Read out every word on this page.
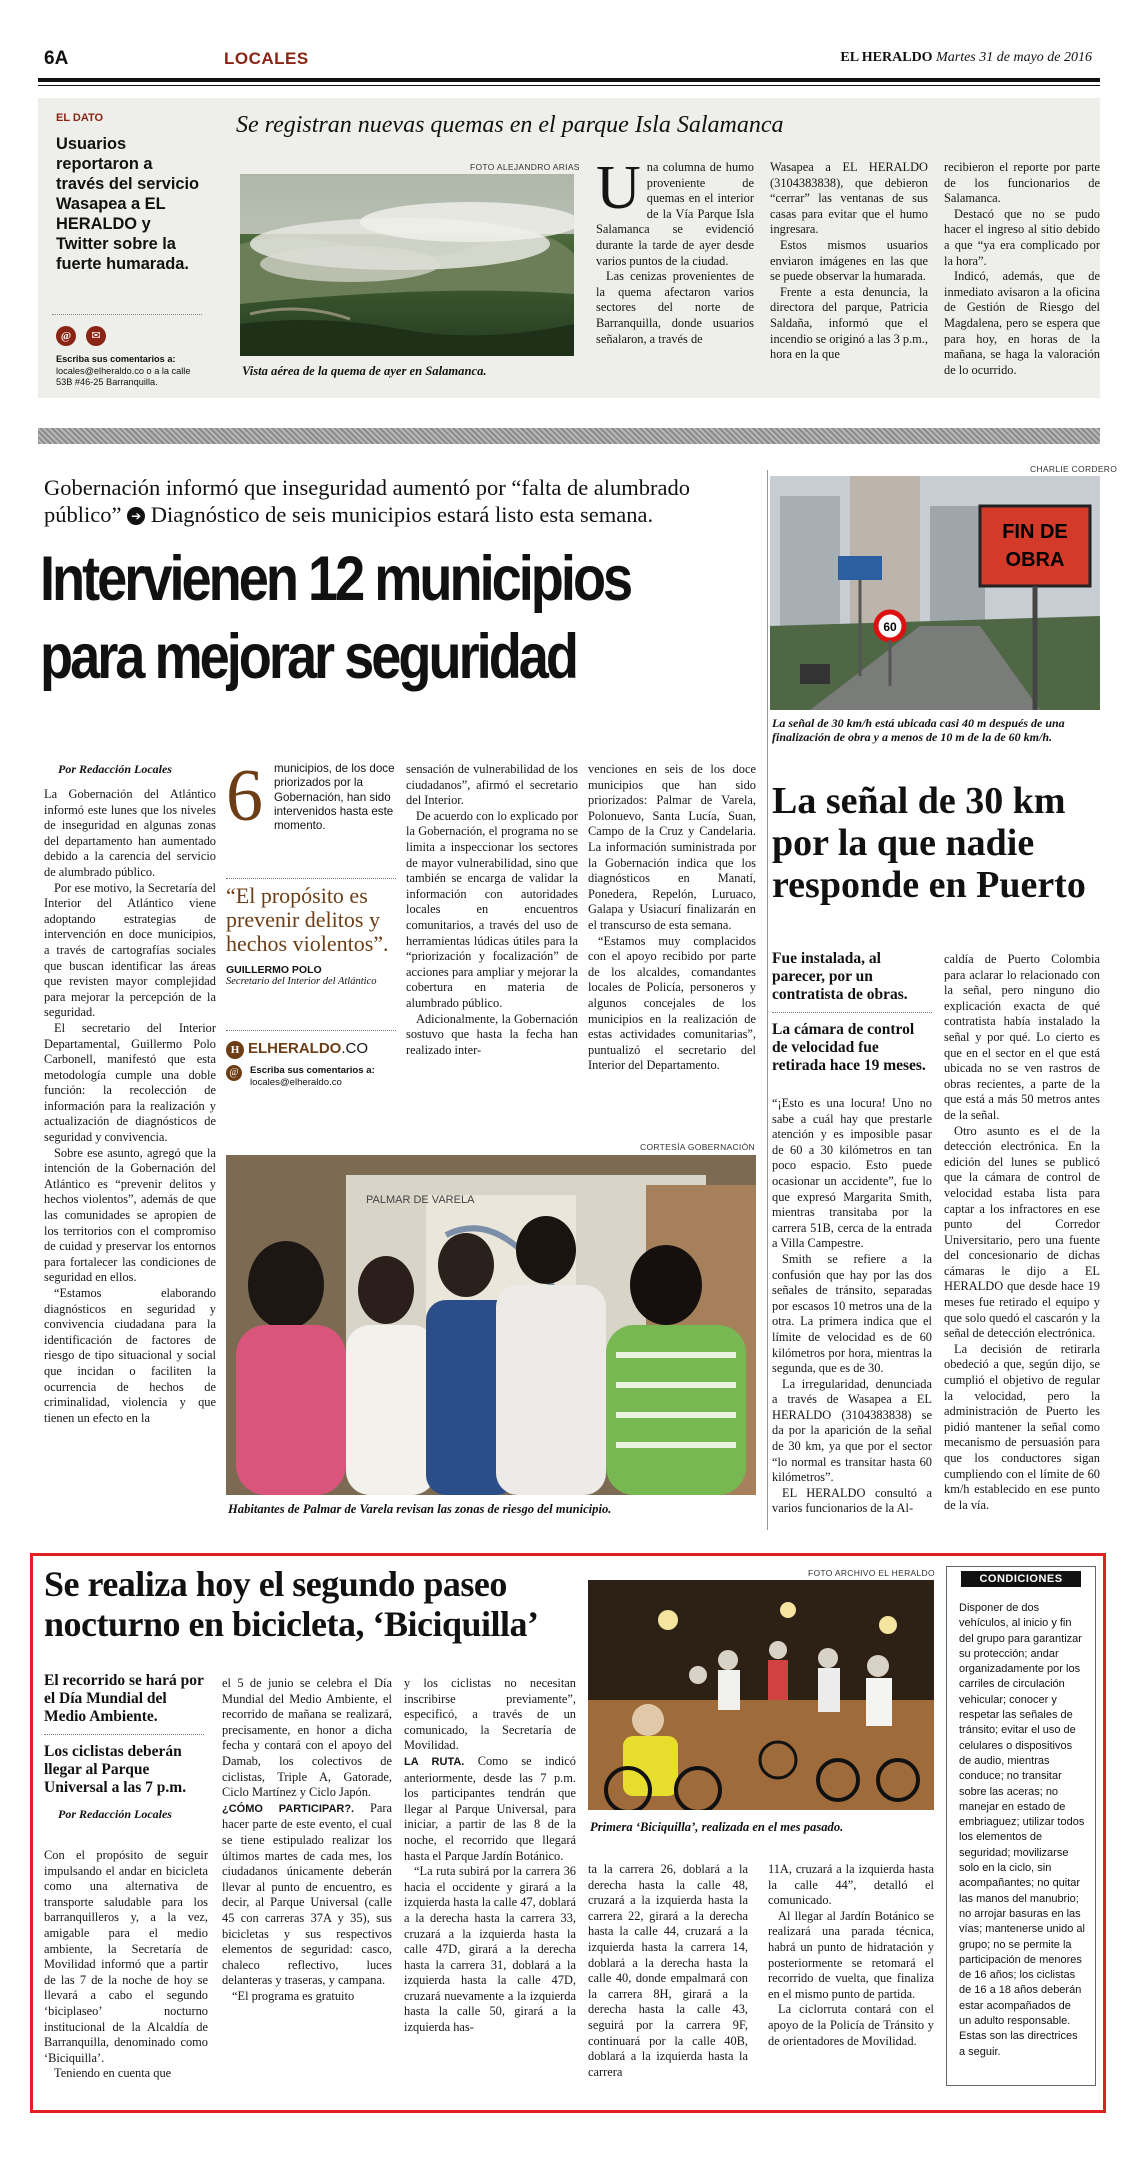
6A	LOCALES	EL HERALDO Martes 31 de mayo de 2016
EL DATO
Usuarios reportaron a través del servicio Wasapea a EL HERALDO y Twitter sobre la fuerte humarada.
@ ✉
Escriba sus comentarios a:
locales@elheraldo.co o a la calle 53B #46-25 Barranquilla.
Se registran nuevas quemas en el parque Isla Salamanca
FOTO ALEJANDRO ARIAS
Vista aérea de la quema de ayer en Salamanca.
U na columna de humo proveniente de quemas en el interior de la Vía Parque Isla Salamanca se evidenció durante la tarde de ayer desde varios puntos de la ciudad.

Las cenizas provenientes de la quema afectaron varios sectores del norte de Barranquilla, donde usuarios señalaron, a través de

Wasapea a EL HERALDO (3104383838), que debieron “cerrar” las ventanas de sus casas para evitar que el humo ingresara.

Estos mismos usuarios enviaron imágenes en las que se puede observar la humarada.

Frente a esta denuncia, la directora del parque, Patricia Saldaña, informó que el incendio se originó a las 3 p.m., hora en la que

recibieron el reporte por parte de los funcionarios de Salamanca.

Destacó que no se pudo hacer el ingreso al sitio debido a que “ya era complicado por la hora”.

Indicó, además, que de inmediato avisaron a la oficina de Gestión de Riesgo del Magdalena, pero se espera que para hoy, en horas de la mañana, se haga la valoración de lo ocurrido.

Gobernación informó que inseguridad aumentó por “falta de alumbrado público” ➔ Diagnóstico de seis municipios estará listo esta semana.
Intervienen 12 municipios
para mejorar seguridad
Por Redacción Locales

La Gobernación del Atlántico informó este lunes que los niveles de inseguridad en algunas zonas del departamento han aumentado debido a la carencia del servicio de alumbrado público.

Por ese motivo, la Secretaría del Interior del Atlántico viene adoptando estrategias de intervención en doce municipios, a través de cartografías sociales que buscan identificar las áreas que revisten mayor complejidad para mejorar la percepción de la seguridad.

El secretario del Interior Departamental, Guillermo Polo Carbonell, manifestó que esta metodología cumple una doble función: la recolección de información para la realización y actualización de diagnósticos de seguridad y convivencia.

Sobre ese asunto, agregó que la intención de la Gobernación del Atlántico es “prevenir delitos y hechos violentos”, además de que las comunidades se apropien de los territorios con el compromiso de cuidad y preservar los entornos para fortalecer las condiciones de seguridad en ellos.

“Estamos elaborando diagnósticos en seguridad y convivencia ciudadana para la identificación de factores de riesgo de tipo situacional y social que incidan o faciliten la ocurrencia de hechos de criminalidad, violencia y que tienen un efecto en la

6 municipios, de los doce priorizados por la Gobernación, han sido intervenidos hasta este momento.
“El propósito es prevenir delitos y hechos violentos”.
GUILLERMO POLO
Secretario del Interior del Atlántico
H ELHERALDO.CO
@ Escriba sus comentarios a:
locales@elheraldo.co

sensación de vulnerabilidad de los ciudadanos”, afirmó el secretario del Interior.

De acuerdo con lo explicado por la Gobernación, el programa no se limita a inspeccionar los sectores de mayor vulnerabilidad, sino que también se encarga de validar la información con autoridades locales en encuentros comunitarios, a través del uso de herramientas lúdicas útiles para la “priorización y focalización” de acciones para ampliar y mejorar la cobertura en materia de alumbrado público.

Adicionalmente, la Gobernación sostuvo que hasta la fecha han realizado inter-

venciones en seis de los doce municipios que han sido priorizados: Palmar de Varela, Polonuevo, Santa Lucía, Suan, Campo de la Cruz y Candelaria. La información suministrada por la Gobernación indica que los diagnósticos en Manatí, Ponedera, Repelón, Luruaco, Galapa y Usiacurí finalizarán en el transcurso de esta semana.

“Estamos muy complacidos con el apoyo recibido por parte de los alcaldes, comandantes locales de Policía, personeros y algunos concejales de los municipios en la realización de estas actividades comunitarias”, puntualizó el secretario del Interior del Departamento.

CORTESÍA GOBERNACIÓN
PALMAR DE VARELA
Habitantes de Palmar de Varela revisan las zonas de riesgo del municipio.
CHARLIE CORDERO
60
FIN DE
OBRA
La señal de 30 km/h está ubicada casi 40 m después de una finalización de obra y a menos de 10 m de la de 60 km/h.
La señal de 30 km por la que nadie responde en Puerto
Fue instalada, al parecer, por un contratista de obras.
La cámara de control de velocidad fue retirada hace 19 meses.

“¡Esto es una locura! Uno no sabe a cuál hay que prestarle atención y es imposible pasar de 60 a 30 kilómetros en tan poco espacio. Esto puede ocasionar un accidente”, fue lo que expresó Margarita Smith, mientras transitaba por la carrera 51B, cerca de la entrada a Villa Campestre.

Smith se refiere a la confusión que hay por las dos señales de tránsito, separadas por escasos 10 metros una de la otra. La primera indica que el límite de velocidad es de 60 kilómetros por hora, mientras la segunda, que es de 30.

La irregularidad, denunciada a través de Wasapea a EL HERALDO (3104383838) se da por la aparición de la señal de 30 km, ya que por el sector “lo normal es transitar hasta 60 kilómetros”.

EL HERALDO consultó a varios funcionarios de la Al-

caldía de Puerto Colombia para aclarar lo relacionado con la señal, pero ninguno dio explicación exacta de qué contratista había instalado la señal y por qué. Lo cierto es que en el sector en el que está ubicada no se ven rastros de obras recientes, a parte de la que está a más 50 metros antes de la señal.

Otro asunto es el de la detección electrónica. En la edición del lunes se publicó que la cámara de control de velocidad estaba lista para captar a los infractores en ese punto del Corredor Universitario, pero una fuente del concesionario de dichas cámaras le dijo a EL HERALDO que desde hace 19 meses fue retirado el equipo y que solo quedó el cascarón y la señal de detección electrónica.

La decisión de retirarla obedeció a que, según dijo, se cumplió el objetivo de regular la velocidad, pero la administración de Puerto les pidió mantener la señal como mecanismo de persuasión para que los conductores sigan cumpliendo con el límite de 60 km/h establecido en ese punto de la vía.

Se realiza hoy el segundo paseo
nocturno en bicicleta, ‘Biciquilla’
El recorrido se hará por el Día Mundial del Medio Ambiente.
Los ciclistas deberán llegar al Parque Universal a las 7 p.m.
Por Redacción Locales

Con el propósito de seguir impulsando el andar en bicicleta como una alternativa de transporte saludable para los barranquilleros y, a la vez, amigable para el medio ambiente, la Secretaría de Movilidad informó que a partir de las 7 de la noche de hoy se llevará a cabo el segundo ‘biciplaseo’ nocturno institucional de la Alcaldía de Barranquilla, denominado como ‘Biciquilla’.

Teniendo en cuenta que

el 5 de junio se celebra el Día Mundial del Medio Ambiente, el recorrido de mañana se realizará, precisamente, en honor a dicha fecha y contará con el apoyo del Damab, los colectivos de ciclistas, Triple A, Gatorade, Ciclo Martínez y Ciclo Japón.

¿CÓMO PARTICIPAR?. Para hacer parte de este evento, el cual se tiene estipulado realizar los últimos martes de cada mes, los ciudadanos únicamente deberán llevar al punto de encuentro, es decir, al Parque Universal (calle 45 con carreras 37A y 35), sus bicicletas y sus respectivos elementos de seguridad: casco, chaleco reflectivo, luces delanteras y traseras, y campana.

“El programa es gratuito

y los ciclistas no necesitan inscribirse previamente”, especificó, a través de un comunicado, la Secretaría de Movilidad.

LA RUTA. Como se indicó anteriormente, desde las 7 p.m. los participantes tendrán que llegar al Parque Universal, para iniciar, a partir de las 8 de la noche, el recorrido que llegará hasta el Parque Jardín Botánico.

“La ruta subirá por la carrera 36 hacia el occidente y girará a la izquierda hasta la calle 47, doblará a la derecha hasta la carrera 33, cruzará a la izquierda hasta la calle 47D, girará a la derecha hasta la carrera 31, doblará a la izquierda hasta la calle 47D, cruzará nuevamente a la izquierda hasta la calle 50, girará a la izquierda has-

FOTO ARCHIVO EL HERALDO
Primera ‘Biciquilla’, realizada en el mes pasado.

ta la carrera 26, doblará a la derecha hasta la calle 48, cruzará a la izquierda hasta la carrera 22, girará a la derecha hasta la calle 44, cruzará a la izquierda hasta la carrera 14, doblará a la derecha hasta la calle 40, donde empalmará con la carrera 8H, girará a la derecha hasta la calle 43, seguirá por la carrera 9F, continuará por la calle 40B, doblará a la izquierda hasta la carrera

11A, cruzará a la izquierda hasta la calle 44”, detalló el comunicado.

Al llegar al Jardín Botánico se realizará una parada técnica, habrá un punto de hidratación y posteriormente se retomará el recorrido de vuelta, que finaliza en el mismo punto de partida.

La ciclorruta contará con el apoyo de la Policía de Tránsito y de orientadores de Movilidad.

CONDICIONES
Disponer de dos vehículos, al inicio y fin del grupo para garantizar su protección; andar organizadamente por los carriles de circulación vehicular; conocer y respetar las señales de tránsito; evitar el uso de celulares o dispositivos de audio, mientras conduce; no transitar sobre las aceras; no manejar en estado de embriaguez; utilizar todos los elementos de seguridad; movilizarse solo en la ciclo, sin acompañantes; no quitar las manos del manubrio; no arrojar basuras en las vías; mantenerse unido al grupo; no se permite la participación de menores de 16 años; los ciclistas de 16 a 18 años deberán estar acompañados de un adulto responsable. Estas son las directrices a seguir.
